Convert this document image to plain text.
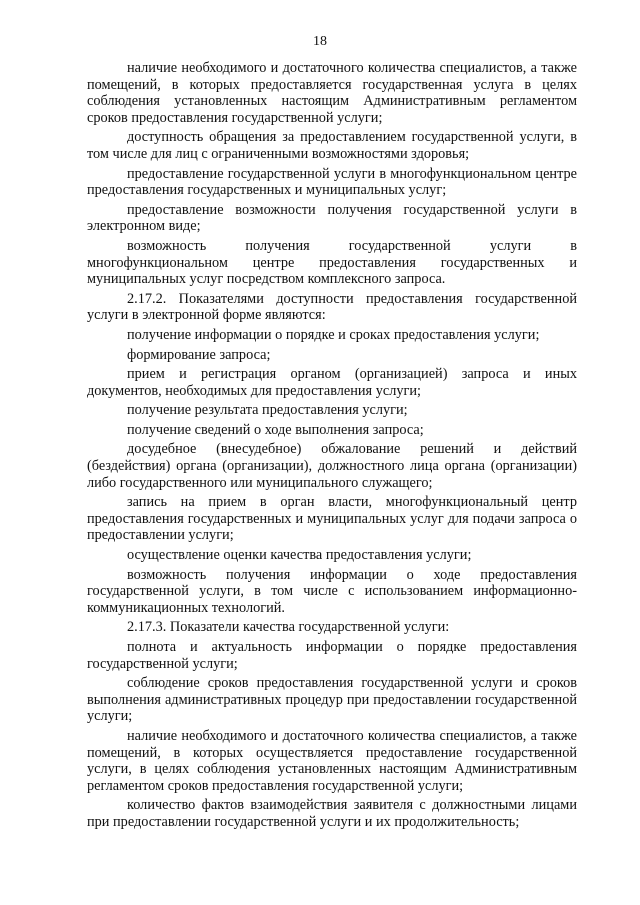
18

наличие необходимого и достаточного количества специалистов, а также помещений, в которых предоставляется государственная услуга в целях соблюдения установленных настоящим Административным регламентом сроков предоставления государственной услуги;

доступность обращения за предоставлением государственной услуги, в том числе для лиц с ограниченными возможностями здоровья;

предоставление государственной услуги в многофункциональном центре предоставления государственных и муниципальных услуг;

предоставление возможности получения государственной услуги в электронном виде;

возможность получения государственной услуги в многофункциональном центре предоставления государственных и муниципальных услуг посредством комплексного запроса.

2.17.2. Показателями доступности предоставления государственной услуги в электронной форме являются:

получение информации о порядке и сроках предоставления услуги;

формирование запроса;

прием и регистрация органом (организацией) запроса и иных документов, необходимых для предоставления услуги;

получение результата предоставления услуги;

получение сведений о ходе выполнения запроса;

досудебное (внесудебное) обжалование решений и действий (бездействия) органа (организации), должностного лица органа (организации) либо государственного или муниципального служащего;

запись на прием в орган власти, многофункциональный центр предоставления государственных и муниципальных услуг для подачи запроса о предоставлении услуги;

осуществление оценки качества предоставления услуги;

возможность получения информации о ходе предоставления государственной услуги, в том числе с использованием информационно-коммуникационных технологий.

2.17.3. Показатели качества государственной услуги:

полнота и актуальность информации о порядке предоставления государственной услуги;

соблюдение сроков предоставления государственной услуги и сроков выполнения административных процедур при предоставлении государственной услуги;

наличие необходимого и достаточного количества специалистов, а также помещений, в которых осуществляется предоставление государственной услуги, в целях соблюдения установленных настоящим Административным регламентом сроков предоставления государственной услуги;

количество фактов взаимодействия заявителя с должностными лицами при предоставлении государственной услуги и их продолжительность;
